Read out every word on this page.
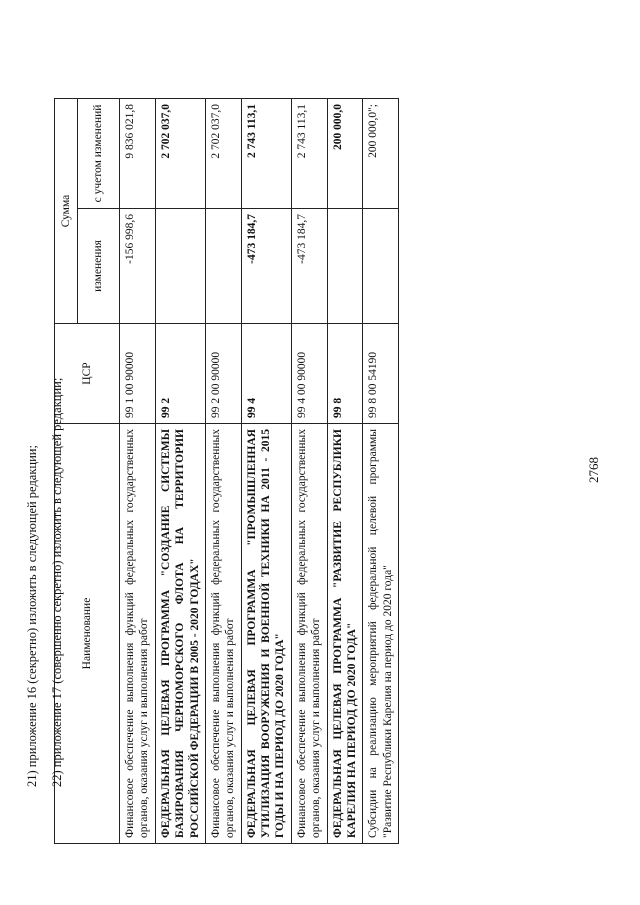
2768
Наименование	ЦСР	Сумма	
		изменения	с учетом изменений
Финансовое обеспечение выполнения функций федеральных государственных органов, оказания услуг и выполнения работ	99 1 00 90000	-156 998,6	9 836 021,8
ФЕДЕРАЛЬНАЯ ЦЕЛЕВАЯ ПРОГРАММА "СОЗДАНИЕ СИСТЕМЫ БАЗИРОВАНИЯ ЧЕРНОМОРСКОГО ФЛОТА НА ТЕРРИТОРИИ РОССИЙСКОЙ ФЕДЕРАЦИИ В 2005 - 2020 ГОДАХ"	99 2		2 702 037,0
Финансовое обеспечение выполнения функций федеральных государственных органов, оказания услуг и выполнения работ	99 2 00 90000		2 702 037,0
ФЕДЕРАЛЬНАЯ ЦЕЛЕВАЯ ПРОГРАММА "ПРОМЫШЛЕННАЯ УТИЛИЗАЦИЯ ВООРУЖЕНИЯ И ВОЕННОЙ ТЕХНИКИ НА 2011 - 2015 ГОДЫ И НА ПЕРИОД ДО 2020 ГОДА"	99 4	-473 184,7	2 743 113,1
Финансовое обеспечение выполнения функций федеральных государственных органов, оказания услуг и выполнения работ	99 4 00 90000	-473 184,7	2 743 113,1
ФЕДЕРАЛЬНАЯ ЦЕЛЕВАЯ ПРОГРАММА "РАЗВИТИЕ РЕСПУБЛИКИ КАРЕЛИЯ НА ПЕРИОД ДО 2020 ГОДА"	99 8		200 000,0
Субсидии на реализацию мероприятий федеральной целевой программы "Развитие Республики Карелия на период до 2020 года"	99 8 00 54190		200 000,0";
21) приложение 16 (секретно) изложить в следующей редакции; 22) приложение 17 (совершенно секретно) изложить в следующей редакции;
